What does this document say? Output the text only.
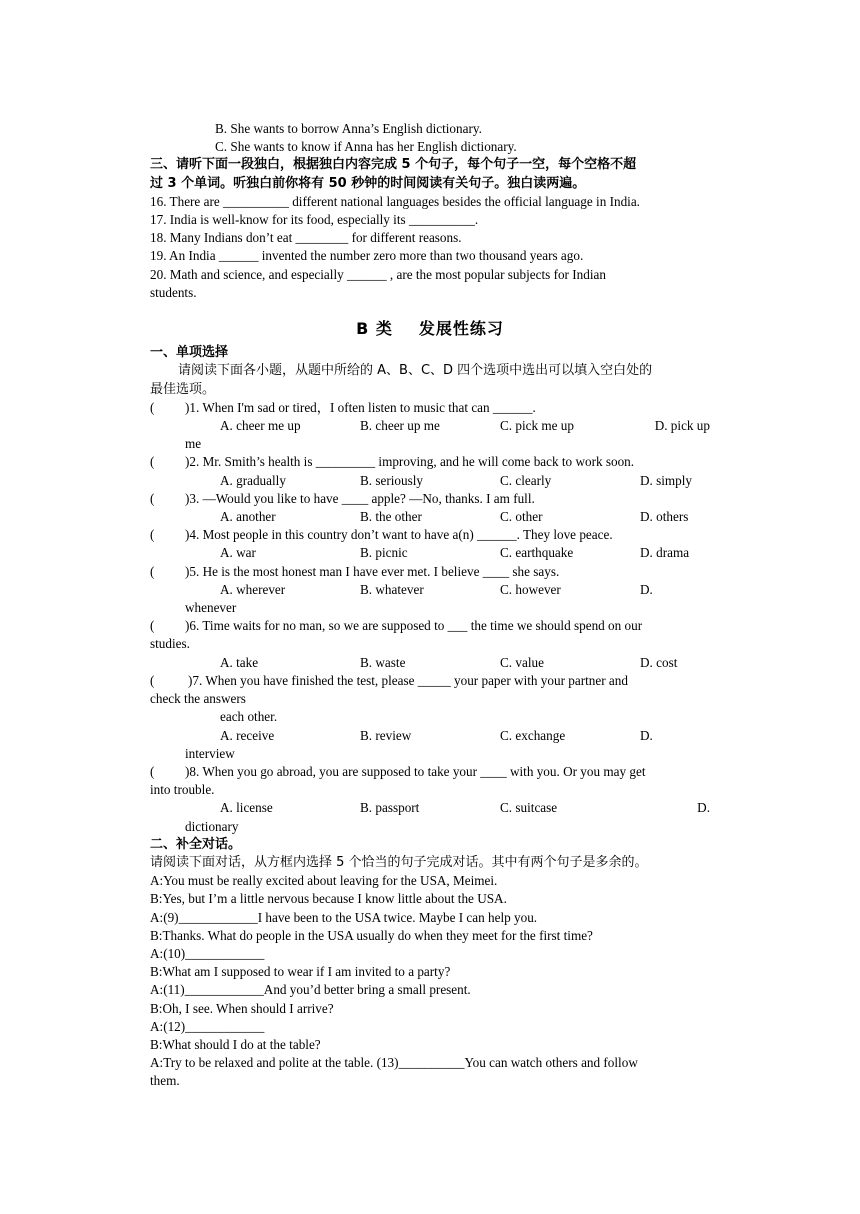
B. She wants to borrow Anna’s English dictionary.
C. She wants to know if Anna has her English dictionary.
三、请听下面一段独白，根据独白内容完成 5 个句子，每个句子一空，每个空格不超
过 3 个单词。听独白前你将有 50 秒钟的时间阅读有关句子。独白读两遍。
16. There are __________ different national languages besides the official language in India.
17. India is well-know for its food, especially its __________.
18. Many Indians don’t eat ________ for different reasons.
19. An India ______ invented the number zero more than two thousand years ago.
20. Math and science, and especially ______ , are the most popular subjects for Indian
students.
B 类 发展性练习
一、单项选择
请阅读下面各小题，从题中所给的 A、B、C、D 四个选项中选出可以填入空白处的
最佳选项。
( )1. When I'm sad or tired，I often listen to music that can ______.
A. cheer me up	B. cheer up me	C. pick me up	D. pick up
me
( )2. Mr. Smith’s health is _________ improving, and he will come back to work soon.
A. gradually	B. seriously	C. clearly	D. simply
( )3. —Would you like to have ____ apple? —No, thanks. I am full.
A. another	B. the other	C. other	D. others
( )4. Most people in this country don’t want to have a(n) ______. They love peace.
A. war	B. picnic	C. earthquake	D. drama
( )5. He is the most honest man I have ever met. I believe ____ she says.
A. wherever	B. whatever	C. however	D.
whenever
( )6. Time waits for no man, so we are supposed to ___ the time we should spend on our
studies.
A. take	B. waste	C. value	D. cost
(	)7. When you have finished the test, please _____ your paper with your partner and
check the answers
each other.
A. receive	B. review	C. exchange	D.
interview
( )8. When you go abroad, you are supposed to take your ____ with you. Or you may get
into trouble.
A. license	B. passport	C. suitcase	D.
dictionary
二、补全对话。
请阅读下面对话，从方框内选择 5 个恰当的句子完成对话。其中有两个句子是多余的。
A:You must be really excited about leaving for the USA, Meimei.
B:Yes, but I’m a little nervous because I know little about the USA.
A:(9)____________I have been to the USA twice. Maybe I can help you.
B:Thanks. What do people in the USA usually do when they meet for the first time?
A:(10)____________
B:What am I supposed to wear if I am invited to a party?
A:(11)____________And you’d better bring a small present.
B:Oh, I see. When should I arrive?
A:(12)____________
B:What should I do at the table?
A:Try to be relaxed and polite at the table. (13)__________You can watch others and follow
them.
